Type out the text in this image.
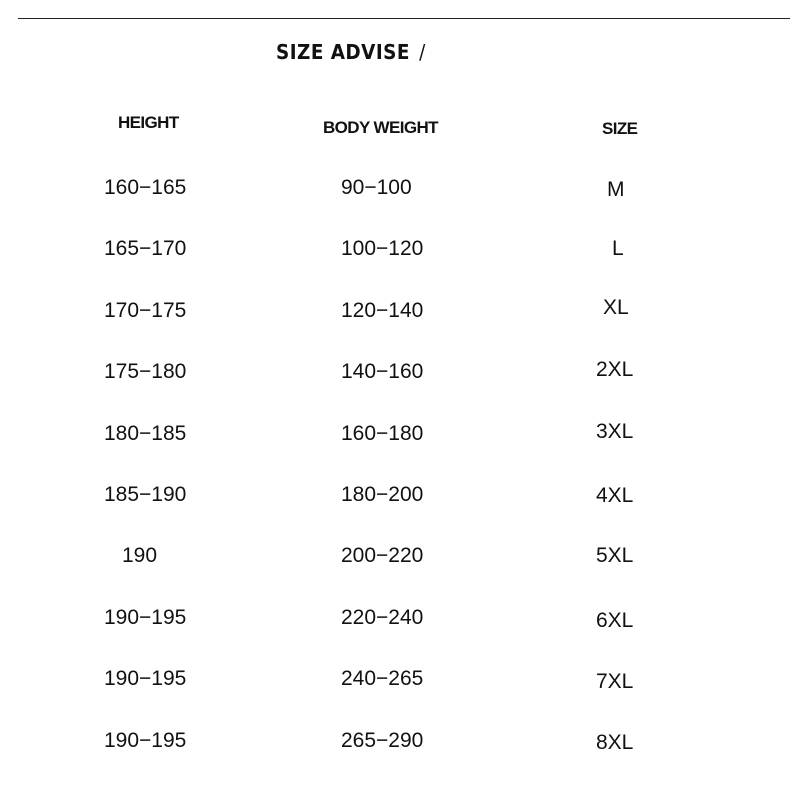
SIZE ADVISE /
HEIGHT	BODY WEIGHT	SIZE
160−165	90−100	M
165−170	100−120	L
170−175	120−140	XL
175−180	140−160	2XL
180−185	160−180	3XL
185−190	180−200	4XL
190	200−220	5XL
190−195	220−240	6XL
190−195	240−265	7XL
190−195	265−290	8XL
